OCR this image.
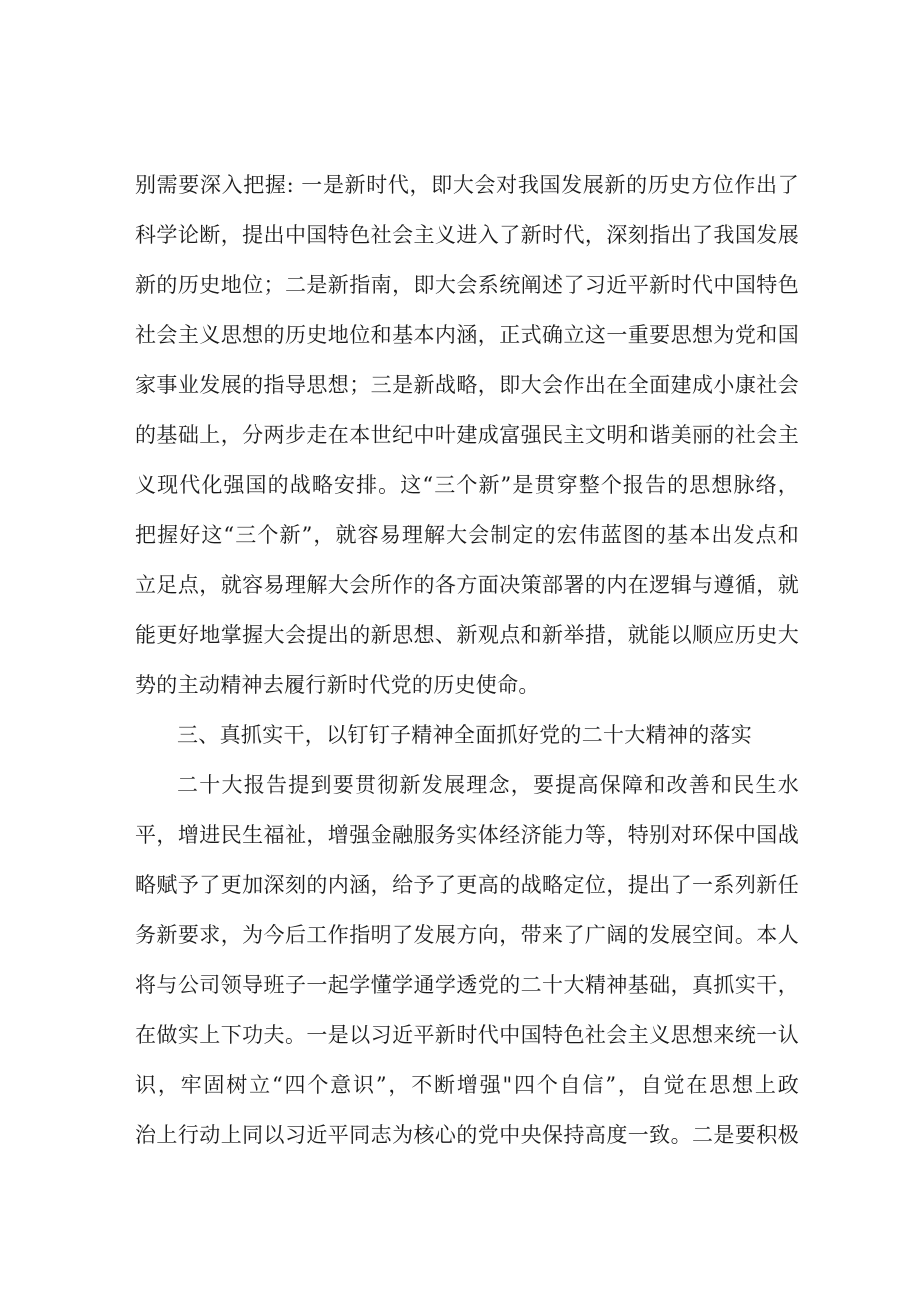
别需要深入把握: 一是新时代，即大会对我国发展新的历史方位作出了
科学论断，提出中国特色社会主义进入了新时代，深刻指出了我国发展
新的历史地位；二是新指南，即大会系统阐述了习近平新时代中国特色
社会主义思想的历史地位和基本内涵，正式确立这一重要思想为党和国
家事业发展的指导思想；三是新战略，即大会作出在全面建成小康社会
的基础上，分两步走在本世纪中叶建成富强民主文明和谐美丽的社会主
义现代化强国的战略安排。这“三个新”是贯穿整个报告的思想脉络，
把握好这“三个新”，就容易理解大会制定的宏伟蓝图的基本出发点和
立足点，就容易理解大会所作的各方面决策部署的内在逻辑与遵循，就
能更好地掌握大会提出的新思想、新观点和新举措，就能以顺应历史大
势的主动精神去履行新时代党的历史使命。
三、真抓实干，以钉钉子精神全面抓好党的二十大精神的落实
二十大报告提到要贯彻新发展理念，要提高保障和改善和民生水
平，增进民生福祉，增强金融服务实体经济能力等，特别对环保中国战
略赋予了更加深刻的内涵，给予了更高的战略定位，提出了一系列新任
务新要求，为今后工作指明了发展方向，带来了广阔的发展空间。本人
将与公司领导班子一起学懂学通学透党的二十大精神基础，真抓实干，
在做实上下功夫。一是以习近平新时代中国特色社会主义思想来统一认
识，牢固树立“四个意识”，不断增强"四个自信”，自觉在思想上政
治上行动上同以习近平同志为核心的党中央保持高度一致。二是要积极
